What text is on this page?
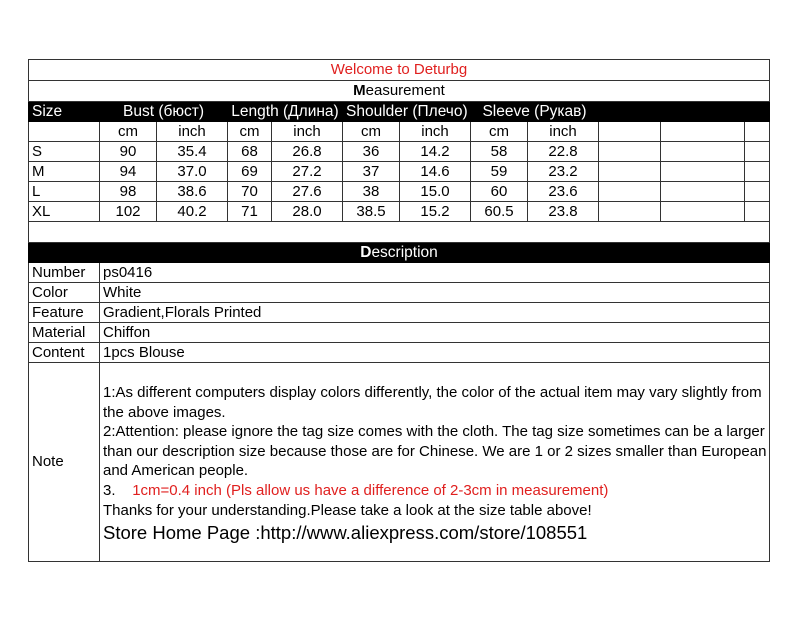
Welcome to Deturbg											
Measurement											
Size	Bust (бюст)		Length (Длина)		Shoulder (Плечо)		Sleeve (Рукав)				
	cm	inch	cm	inch	cm	inch	cm	inch			
S	90	35.4	68	26.8	36	14.2	58	22.8			
M	94	37.0	69	27.2	37	14.6	59	23.2			
L	98	38.6	70	27.6	38	15.0	60	23.6			
XL	102	40.2	71	28.0	38.5	15.2	60.5	23.8			

Description											
Number	ps0416										
Color	White										
Feature	Gradient,Florals Printed										
Material	Chiffon										
Content	1pcs Blouse										
Note	1:As different computers display colors differently, the color of the actual item may vary slightly from the above images.

2:Attention: please ignore the tag size comes with the cloth. The tag size sometimes can be a larger than our description size because those are for Chinese. We are 1 or 2 sizes smaller than European and American people.

3. 1cm=0.4 inch (Pls allow us have a difference of 2-3cm in measurement)

Thanks for your understanding.Please take a look at the size table above!

Store Home Page :http://www.aliexpress.com/store/108551										
